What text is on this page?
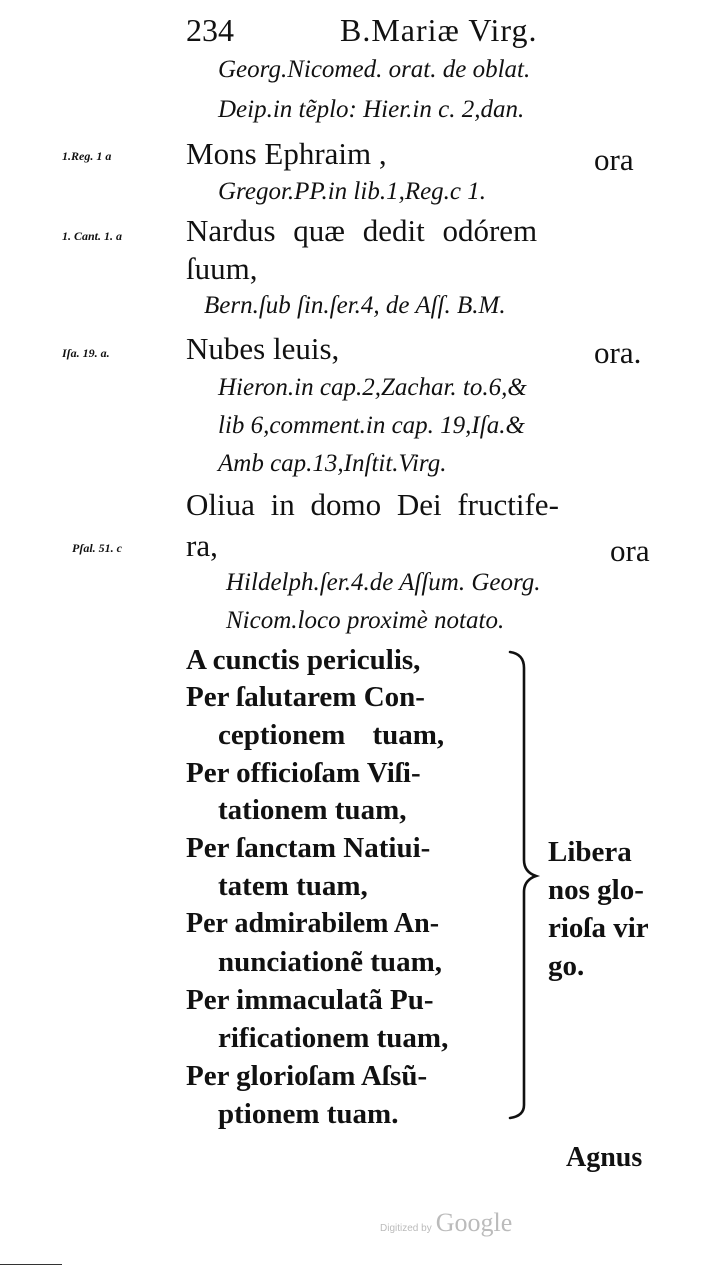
234	B.Mariæ Virg.
Georg.Nicomed. orat. de oblat.
Deip.in tẽplo: Hier.in c. 2,dan.
1.Reg. 1 a Mons Ephraim ,	ora
Gregor.PP.in lib.1,Reg.c 1.
1. Cant. 1. a Nardus quæ dedit odórem
ſuum,
Bern.ſub ſin.ſer.4, de Aſſ. B.M.
Iſa. 19. a. Nubes leuis,	ora.
Hieron.in cap.2,Zachar. to.6,&
lib 6,comment.in cap. 19,Iſa.&
Amb cap.13,Inſtit.Virg.
Oliua in domo Dei fructife-
Pſal. 51. c ra,	ora
Hildelph.ſer.4.de Aſſum. Georg.
Nicom.loco proximè notato.
A cunctis periculis,
Per ſalutarem Con-
ceptionem tuam,
Per officioſam Viſi-
tationem tuam,
Per ſanctam Natiui-
tatem tuam,
Per admirabilem An-
nunciationẽ tuam,
Per immaculatã Pu-
rificationem tuam,
Per glorioſam Aſsũ-
ptionem tuam.
Libera
nos glo-
rioſa vir
go.
Agnus
Digitized by Google
